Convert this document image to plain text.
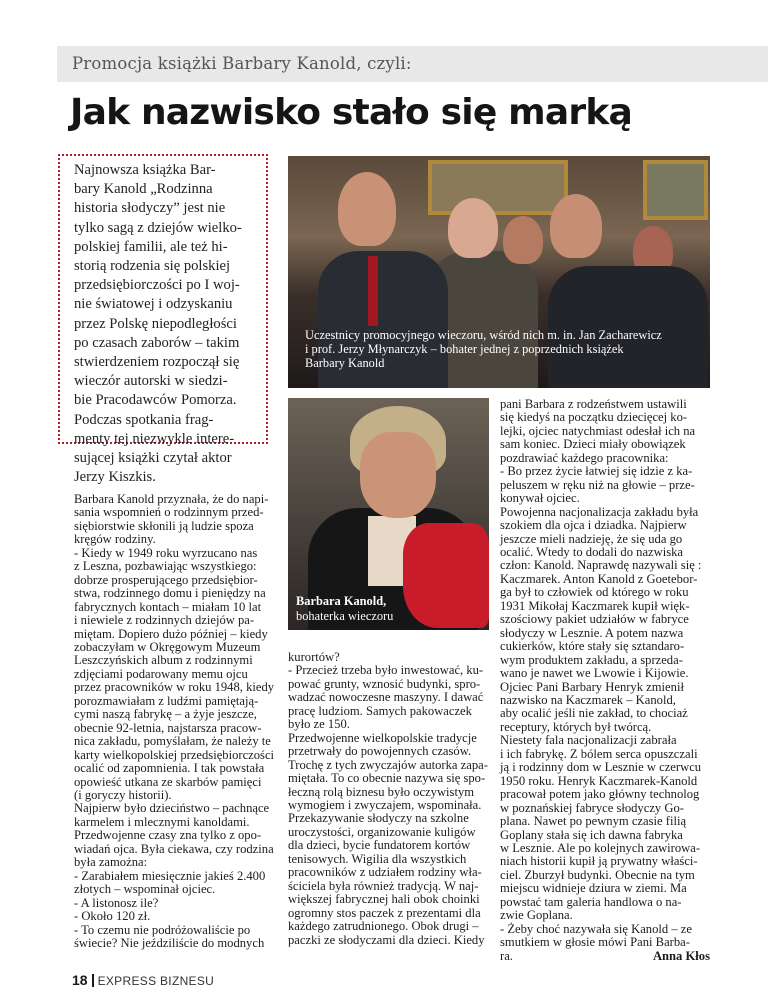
Promocja książki Barbary Kanold, czyli:
Jak nazwisko stało się marką
Najnowsza książka Bar-
bary Kanold „Rodzinna
historia słodyczy” jest nie
tylko sagą z dziejów wielko-
polskiej familii, ale też hi-
storią rodzenia się polskiej
przedsiębiorczości po I woj-
nie światowej i odzyskaniu
przez Polskę niepodległości
po czasach zaborów – takim
stwierdzeniem rozpoczął się
wieczór autorski w siedzi-
bie Pracodawców Pomorza.
Podczas spotkania frag-
menty tej niezwykle intere-
sującej książki czytał aktor
Jerzy Kiszkis.
Uczestnicy promocyjnego wieczoru, wśród nich m. in. Jan Zacharewicz
i prof. Jerzy Młynarczyk – bohater jednej z poprzednich książek
Barbary Kanold
Barbara Kanold,
bohaterka wieczoru
Barbara Kanold przyznała, że do napi-
sania wspomnień o rodzinnym przed-
siębiorstwie skłonili ją ludzie spoza
kręgów rodziny.
- Kiedy w 1949 roku wyrzucano nas
z Leszna, pozbawiając wszystkiego:
dobrze prosperującego przedsiębior-
stwa, rodzinnego domu i pieniędzy na
fabrycznych kontach – miałam 10 lat
i niewiele z rodzinnych dziejów pa-
miętam. Dopiero dużo później – kiedy
zobaczyłam w Okręgowym Muzeum
Leszczyńskich album z rodzinnymi
zdjęciami podarowany memu ojcu
przez pracowników w roku 1948, kiedy
porozmawiałam z ludźmi pamiętają-
cymi naszą fabrykę – a żyje jeszcze,
obecnie 92-letnia, najstarsza pracow-
nica zakładu, pomyślałam, że należy te
karty wielkopolskiej przedsiębiorczości
ocalić od zapomnienia. I tak powstała
opowieść utkana ze skarbów pamięci
(i goryczy historii).
Najpierw było dzieciństwo – pachnące
karmelem i mlecznymi kanoldami.
Przedwojenne czasy zna tylko z opo-
wiadań ojca. Była ciekawa, czy rodzina
była zamożna:
- Zarabiałem miesięcznie jakieś 2.400
złotych – wspominał ojciec.
- A listonosz ile?
- Około 120 zł.
- To czemu nie podróżowaliście po
świecie? Nie jeździliście do modnych
kurortów?
- Przecież trzeba było inwestować, ku-
pować grunty, wznosić budynki, spro-
wadzać nowoczesne maszyny. I dawać
pracę ludziom. Samych pakowaczek
było ze 150.
Przedwojenne wielkopolskie tradycje
przetrwały do powojennych czasów.
Trochę z tych zwyczajów autorka zapa-
miętała. To co obecnie nazywa się spo-
łeczną rolą biznesu było oczywistym
wymogiem i zwyczajem, wspominała.
Przekazywanie słodyczy na szkolne
uroczystości, organizowanie kuligów
dla dzieci, bycie fundatorem kortów
tenisowych. Wigilia dla wszystkich
pracowników z udziałem rodziny wła-
ściciela była również tradycją. W naj-
większej fabrycznej hali obok choinki
ogromny stos paczek z prezentami dla
każdego zatrudnionego. Obok drugi –
paczki ze słodyczami dla dzieci. Kiedy
pani Barbara z rodzeństwem ustawili
się kiedyś na początku dziecięcej ko-
lejki, ojciec natychmiast odesłał ich na
sam koniec. Dzieci miały obowiązek
pozdrawiać każdego pracownika:
- Bo przez życie łatwiej się idzie z ka-
peluszem w ręku niż na głowie – prze-
konywał ojciec.
Powojenna nacjonalizacja zakładu była
szokiem dla ojca i dziadka. Najpierw
jeszcze mieli nadzieję, że się uda go
ocalić. Wtedy to dodali do nazwiska
człon: Kanold. Naprawdę nazywali się :
Kaczmarek. Anton Kanold z Goetebor-
ga był to człowiek od którego w roku
1931 Mikołaj Kaczmarek kupił więk-
szościowy pakiet udziałów w fabryce
słodyczy w Lesznie. A potem nazwa
cukierków, które stały się sztandaro-
wym produktem zakładu, a sprzeda-
wano je nawet we Lwowie i Kijowie.
Ojciec Pani Barbary Henryk zmienił
nazwisko na Kaczmarek – Kanold,
aby ocalić jeśli nie zakład, to chociaż
receptury, których był twórcą.
Niestety fala nacjonalizacji zabrała
i ich fabrykę. Z bólem serca opuszczali
ją i rodzinny dom w Lesznie w czerwcu
1950 roku. Henryk Kaczmarek-Kanold
pracował potem jako główny technolog
w poznańskiej fabryce słodyczy Go-
plana. Nawet po pewnym czasie filią
Goplany stała się ich dawna fabryka
w Lesznie. Ale po kolejnych zawirowa-
niach historii kupił ją prywatny właści-
ciel. Zburzył budynki. Obecnie na tym
miejscu widnieje dziura w ziemi. Ma
powstać tam galeria handlowa o na-
zwie Goplana.
- Żeby choć nazywała się Kanold – ze
smutkiem w głosie mówi Pani Barba-
ra.	Anna Kłos
18 EXPRESS BIZNESU
